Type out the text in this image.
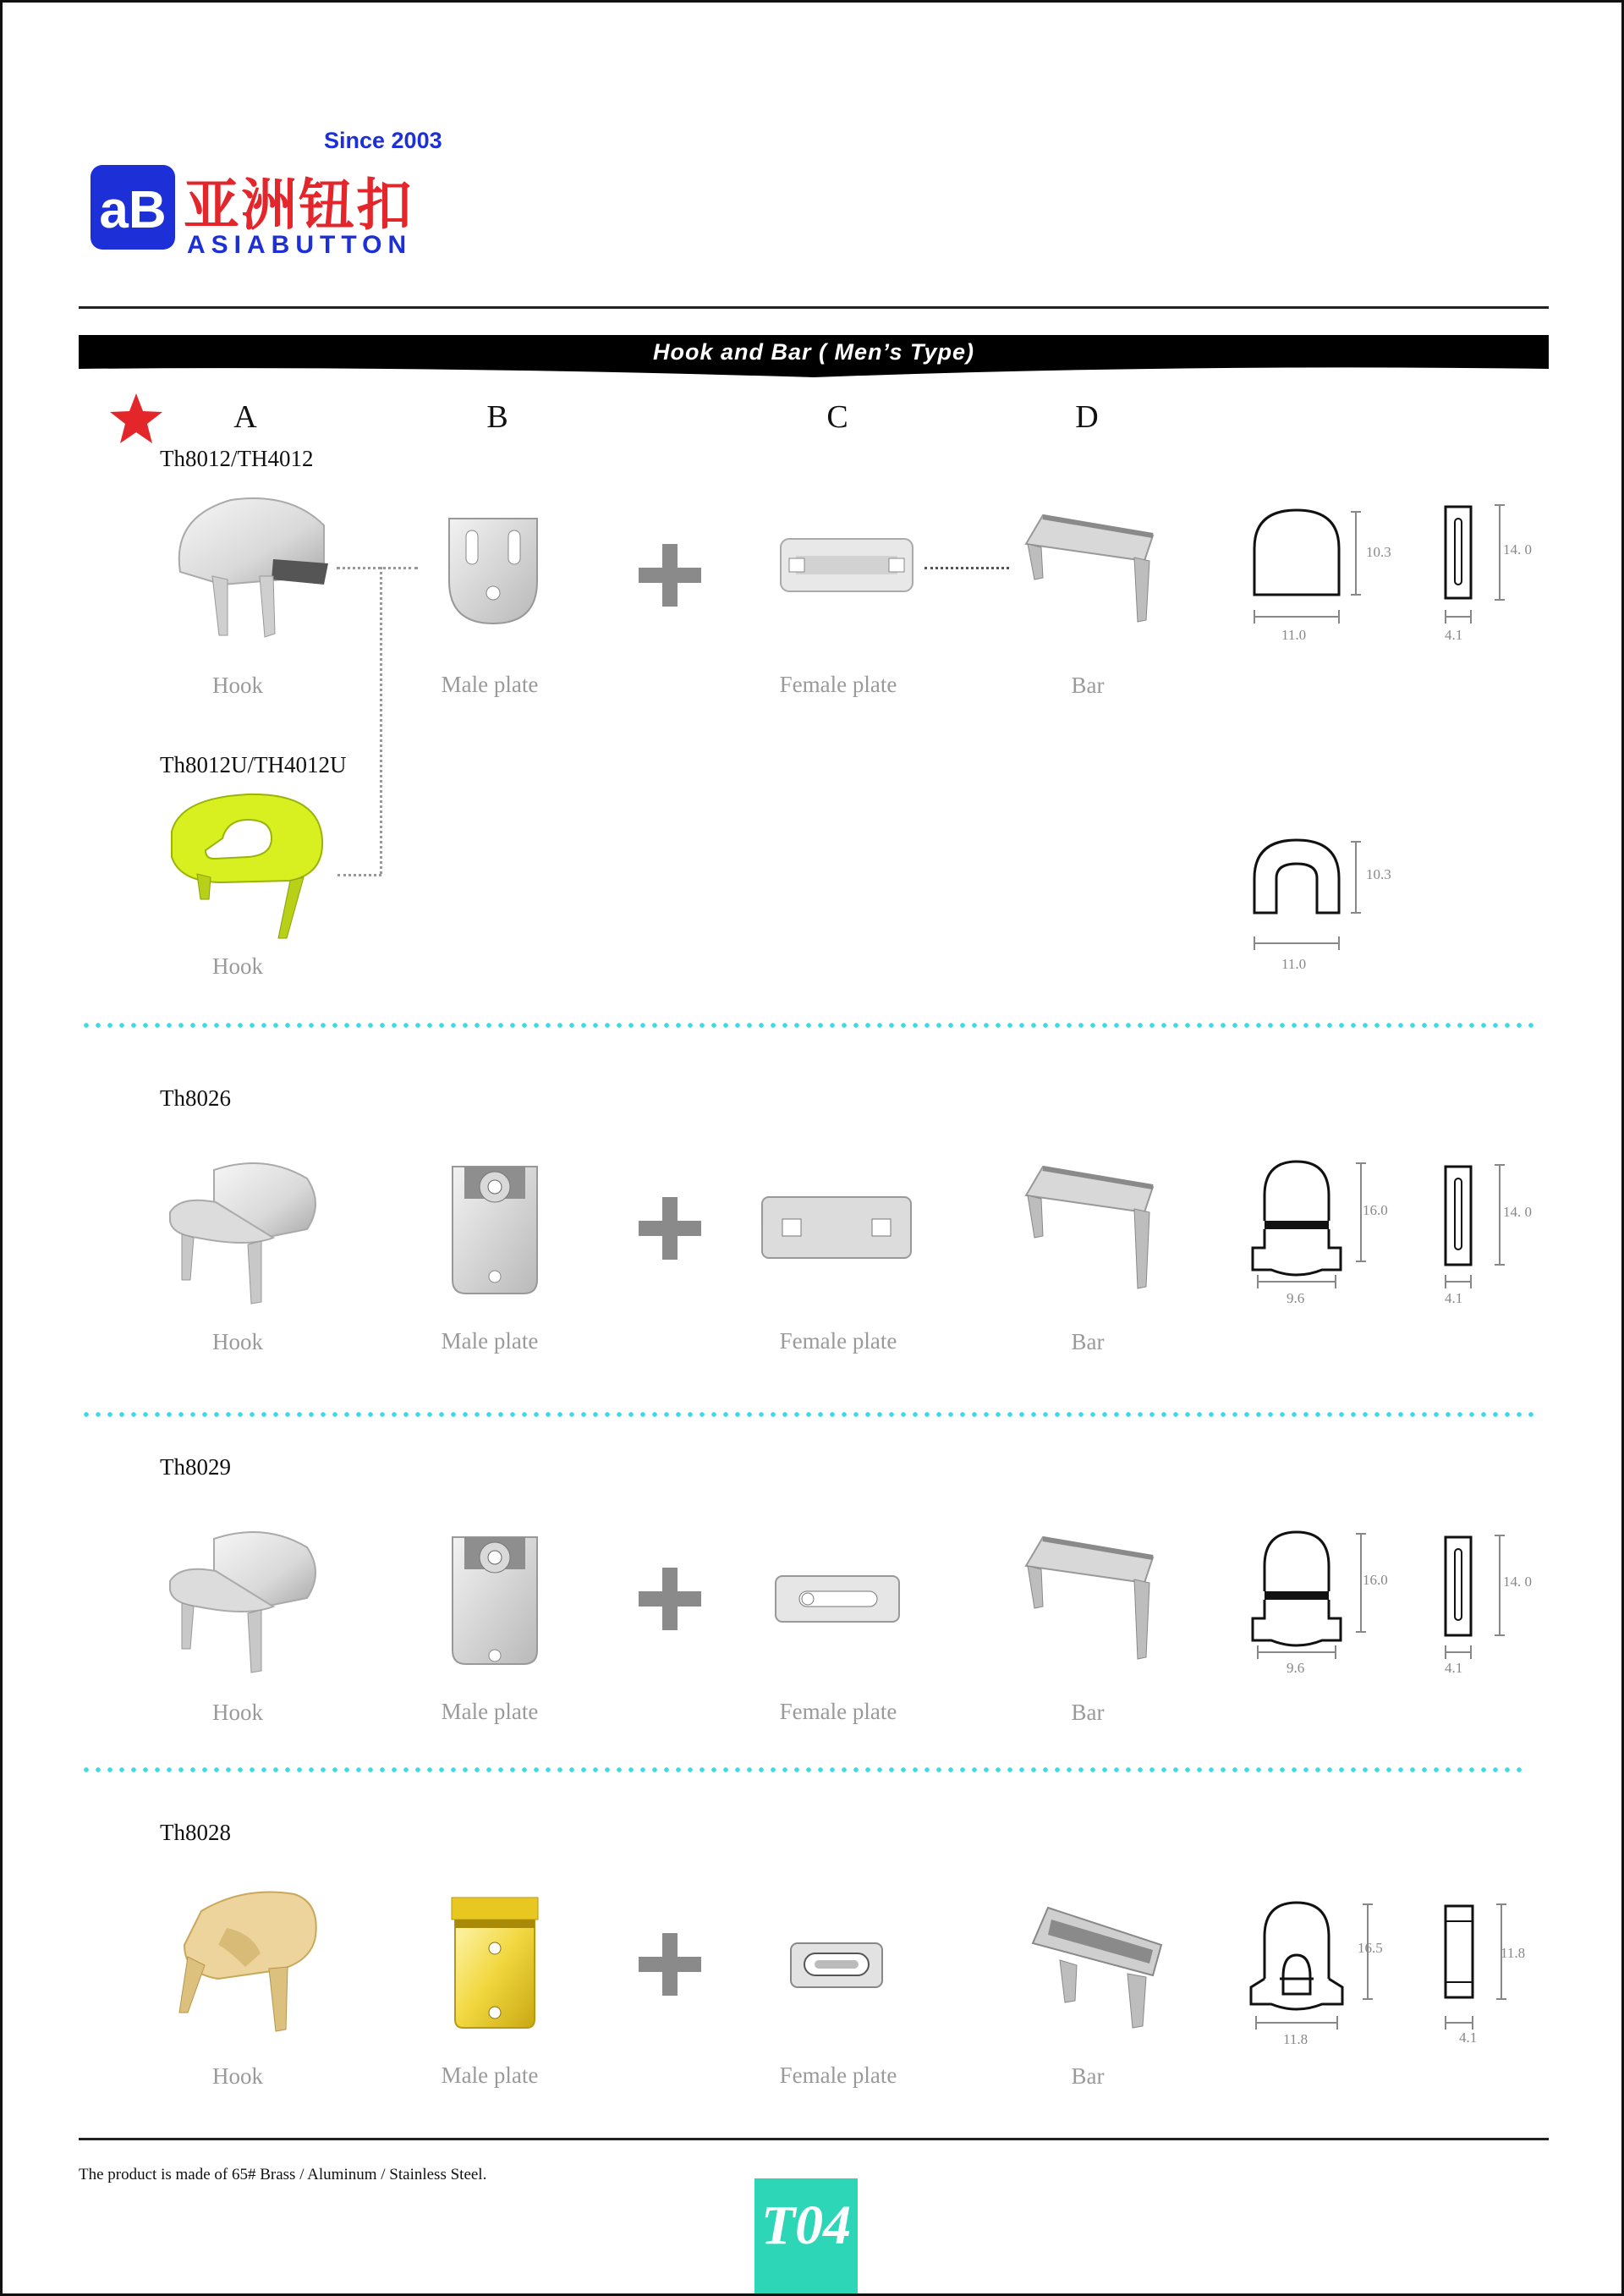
Since 2003
aB 亚洲钮扣
ASIABUTTON
Hook and Bar ( Men’s Type)
A	B	C	D
Th8012/TH4012
Hook	Male plate	Female plate	Bar
10.3
11.0
14. 0
4.1
Th8012U/TH4012U
Hook
10.3
11.0
Th8026
Hook	Male plate	Female plate	Bar
16.0
9.6
14. 0
4.1
Th8029
Hook	Male plate	Female plate	Bar
16.0
9.6
14. 0
4.1
Th8028
Hook	Male plate	Female plate	Bar
16.5
11.8
11.8
4.1
The product is made of 65# Brass / Aluminum / Stainless Steel.
T04
